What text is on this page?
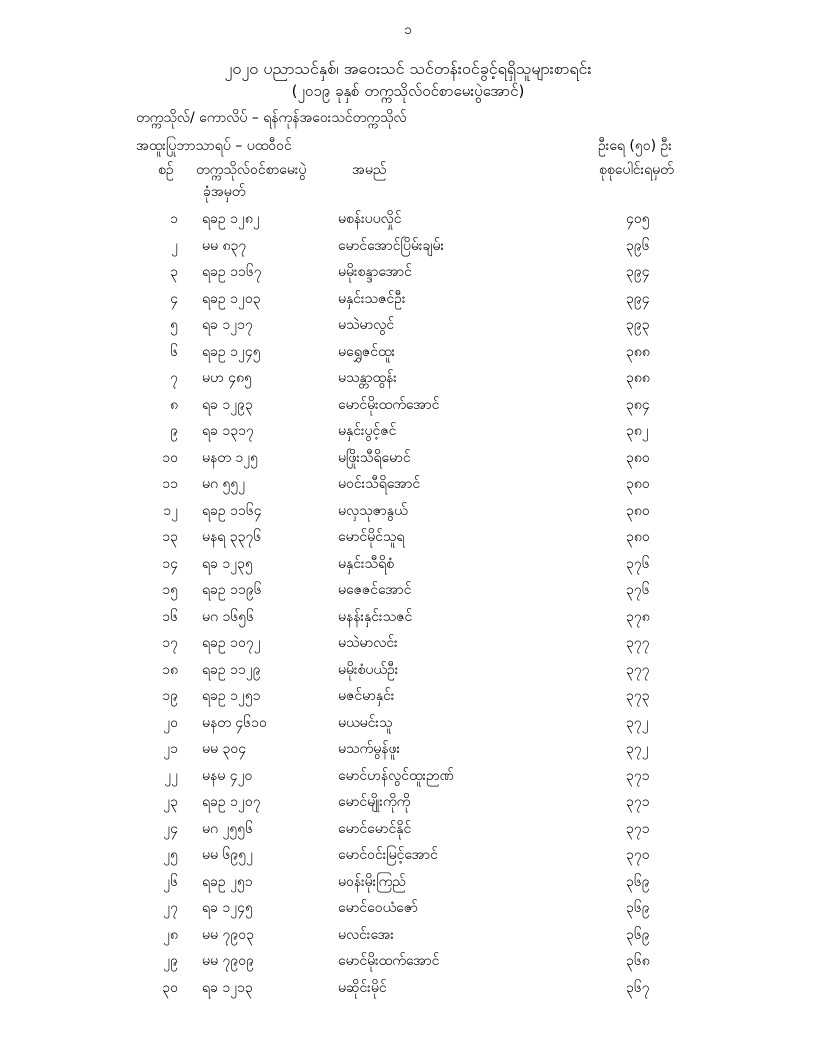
၁
၂၀၂၀ ပညာသင်နှစ်၊ အဝေးသင် သင်တန်းဝင်ခွင့်ရရှိသူများစာရင်း
(၂၀၁၉ ခုနှစ် တက္ကသိုလ်ဝင်စာမေးပွဲအောင်)
တက္ကသိုလ်/ ကောလိပ် – ရန်ကုန်အဝေးသင်တက္ကသိုလ်
အထူးပြုဘာသာရပ် – ပထဝီဝင်	ဦးရေ (၅၀) ဦး
စဉ် တက္ကသိုလ်ဝင်စာမေးပွဲ
ခုံအမှတ်
အမည်	စုစုပေါင်းရမှတ်
၁ ရခဥ ၁၂၈၂	မစန်းပပလှိုင်	၄၀၅
၂ မမ ၈၃၇	မောင်အောင်ပြိမ်းချမ်း	၃၉၆
၃ ရခဥ ၁၁၆၇	မမိုးစန္ဒာအောင်	၃၉၄
၄ ရခဥ ၁၂၀၃	မနှင်းသဇင်ဦး	၃၉၄
၅ ရခ ၁၂၁၇	မသဲမာလွင်	၃၉၃
၆ ရခဥ ၁၂၄၅	မရွှေဇင်ထူး	၃၈၈
၇ မဟ ၄၈၅	မသန္တာထွန်း	၃၈၈
၈ ရခ ၁၂၉၃	မောင်မိုးထက်အောင်	၃၈၄
၉ ရခ ၁၃၁၇	မနှင်းပွင့်ဇင်	၃၈၂
၁၀ မနတ ၁၂၅	မဖြိုးသီရိမောင်	၃၈၀
၁၁ မဂ ၅၅၂	မဝင်းသီရိအောင်	၃၈၀
၁၂ ရခဥ ၁၁၆၄	မလှသုဇာနွယ်	၃၈၀
၁၃ မနရ ၃၃၇၆	မောင်မိုင်သူရ	၃၈၀
၁၄ ရခ ၁၂၃၅	မနှင်းသီရိစံ	၃၇၆
၁၅ ရခဥ ၁၁၉၆	မဇေဇင်အောင်	၃၇၆
၁၆ မဂ ၁၆၅၆	မနန်းနှင်းသဇင်	၃၇၈
၁၇ ရခဥ ၁၀၇၂	မသဲမာလင်း	၃၇၇
၁၈ ရခဥ ၁၁၂၉	မမိုးစံပယ်ဦး	၃၇၇
၁၉ ရခဥ ၁၂၅၁	မဇင်မာနှင်း	၃၇၃
၂၀ မနတ ၄၆၁၀	မယမင်းသူ	၃၇၂
၂၁ မမ ၃၀၄	မသက်မွန်ဖူး	၃၇၂
၂၂ မနမ ၄၂၀	မောင်ဟန်လွင်ထူးဉာဏ်	၃၇၁
၂၃ ရခဥ ၁၂၀၇	မောင်မျိုးကိုကို	၃၇၁
၂၄ မဂ ၂၅၅၆	မောင်မောင်နိုင်	၃၇၁
၂၅ မမ ၆၉၅၂	မောင်ဝင်းမြင့်အောင်	၃၇၀
၂၆ ရခဥ ၂၅၁	မဝန်းမိုးကြည်	၃၆၉
၂၇ ရခ ၁၂၄၅	မောင်ဝေယံဇော်	၃၆၉
၂၈ မမ ၇၉၀၃	မလင်းအေး	၃၆၉
၂၉ မမ ၇၉၀၉	မောင်မိုးထက်အောင်	၃၆၈
၃၀ ရခ ၁၂၁၃	မဆိုင်းမိုင်	၃၆၇
